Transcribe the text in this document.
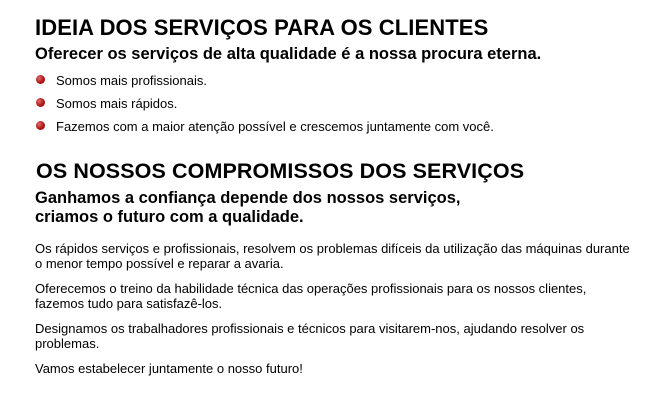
IDEIA DOS SERVIÇOS PARA OS CLIENTES
Oferecer os serviços de alta qualidade é a nossa procura eterna.
Somos mais profissionais.
Somos mais rápidos.
Fazemos com a maior atenção possível e crescemos juntamente com você.
OS NOSSOS COMPROMISSOS DOS SERVIÇOS
Ganhamos a confiança depende dos nossos serviços,
criamos o futuro com a qualidade.

Os rápidos serviços e profissionais, resolvem os problemas difíceis da utilização das máquinas durante o menor tempo possível e reparar a avaria.

Oferecemos o treino da habilidade técnica das operações profissionais para os nossos clientes, fazemos tudo para satisfazê-los.

Designamos os trabalhadores profissionais e técnicos para visitarem-nos, ajudando resolver os problemas.

Vamos estabelecer juntamente o nosso futuro!
